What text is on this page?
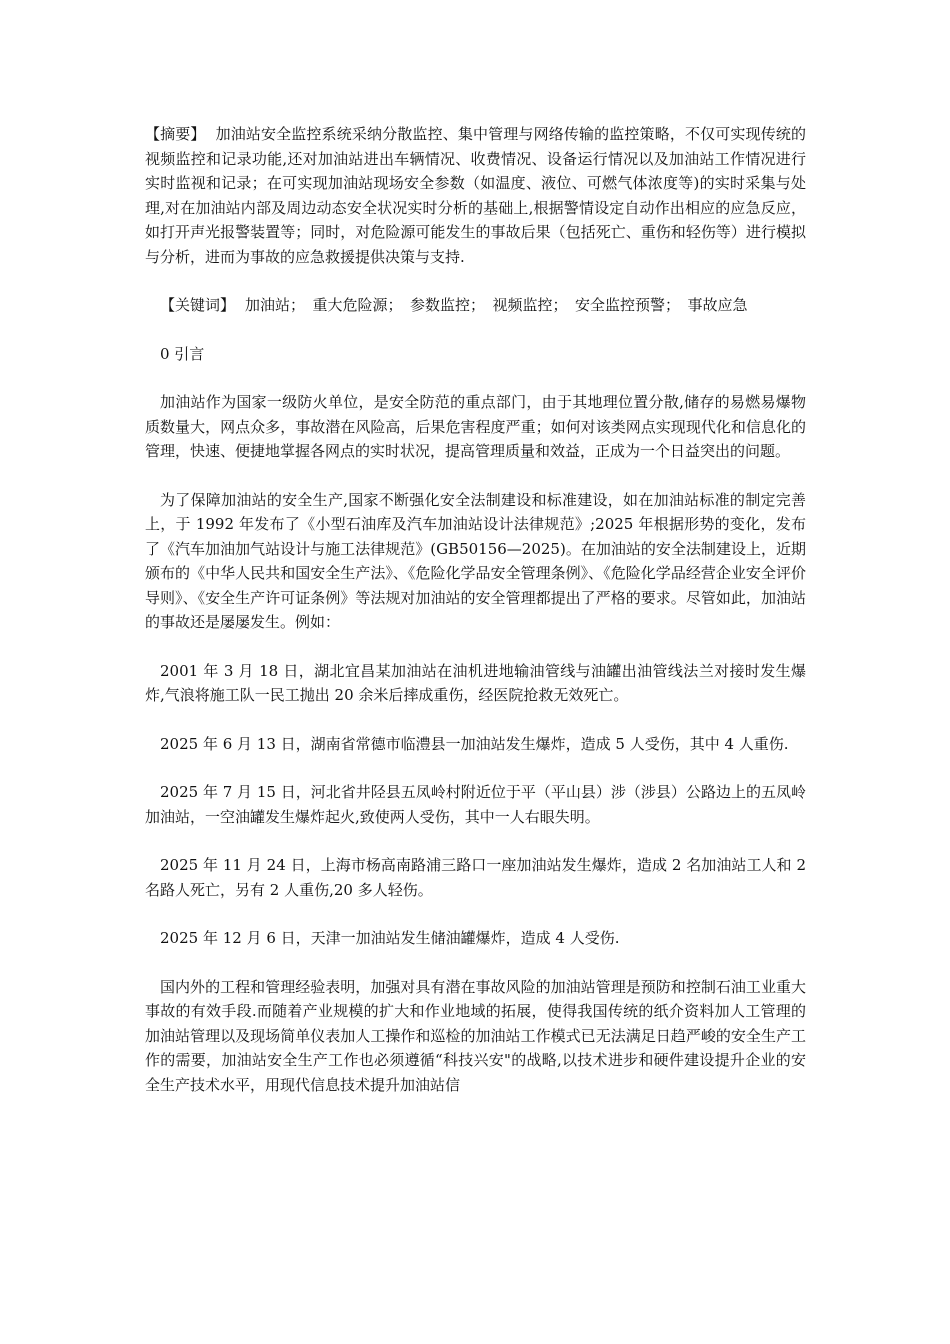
【摘要】 加油站安全监控系统采纳分散监控、集中管理与网络传输的监控策略，不仅可实现传统的视频监控和记录功能,还对加油站进出车辆情况、收费情况、设备运行情况以及加油站工作情况进行实时监视和记录；在可实现加油站现场安全参数（如温度、液位、可燃气体浓度等)的实时采集与处理,对在加油站内部及周边动态安全状况实时分析的基础上,根据警情设定自动作出相应的应急反应，如打开声光报警装置等；同时，对危险源可能发生的事故后果（包括死亡、重伤和轻伤等）进行模拟与分析，进而为事故的应急救援提供决策与支持.

【关键词】 加油站；　重大危险源；　参数监控；　视频监控；　安全监控预警；　事故应急

0 引言

加油站作为国家一级防火单位，是安全防范的重点部门，由于其地理位置分散,储存的易燃易爆物质数量大，网点众多，事故潜在风险高，后果危害程度严重；如何对该类网点实现现代化和信息化的管理，快速、便捷地掌握各网点的实时状况，提高管理质量和效益，正成为一个日益突出的问题。

为了保障加油站的安全生产,国家不断强化安全法制建设和标准建设，如在加油站标准的制定完善上，于 1992 年发布了《小型石油库及汽车加油站设计法律规范》;2025 年根据形势的变化，发布了《汽车加油加气站设计与施工法律规范》(GB50156—2025)。在加油站的安全法制建设上，近期颁布的《中华人民共和国安全生产法》、《危险化学品安全管理条例》、《危险化学品经营企业安全评价导则》、《安全生产许可证条例》等法规对加油站的安全管理都提出了严格的要求。尽管如此，加油站的事故还是屡屡发生。例如：

2001 年 3 月 18 日，湖北宜昌某加油站在油机进地输油管线与油罐出油管线法兰对接时发生爆炸,气浪将施工队一民工抛出 20 余米后摔成重伤，经医院抢救无效死亡。

2025 年 6 月 13 日，湖南省常德市临澧县一加油站发生爆炸，造成 5 人受伤，其中 4 人重伤.

2025 年 7 月 15 日，河北省井陉县五凤岭村附近位于平（平山县）涉（涉县）公路边上的五凤岭加油站，一空油罐发生爆炸起火,致使两人受伤，其中一人右眼失明。

2025 年 11 月 24 日，上海市杨高南路浦三路口一座加油站发生爆炸，造成 2 名加油站工人和 2 名路人死亡，另有 2 人重伤,20 多人轻伤。

2025 年 12 月 6 日，天津一加油站发生储油罐爆炸，造成 4 人受伤.

国内外的工程和管理经验表明，加强对具有潜在事故风险的加油站管理是预防和控制石油工业重大事故的有效手段.而随着产业规模的扩大和作业地域的拓展，使得我国传统的纸介资料加人工管理的加油站管理以及现场简单仪表加人工操作和巡检的加油站工作模式已无法满足日趋严峻的安全生产工作的需要，加油站安全生产工作也必须遵循“科技兴安"的战略,以技术进步和硬件建设提升企业的安全生产技术水平，用现代信息技术提升加油站信
